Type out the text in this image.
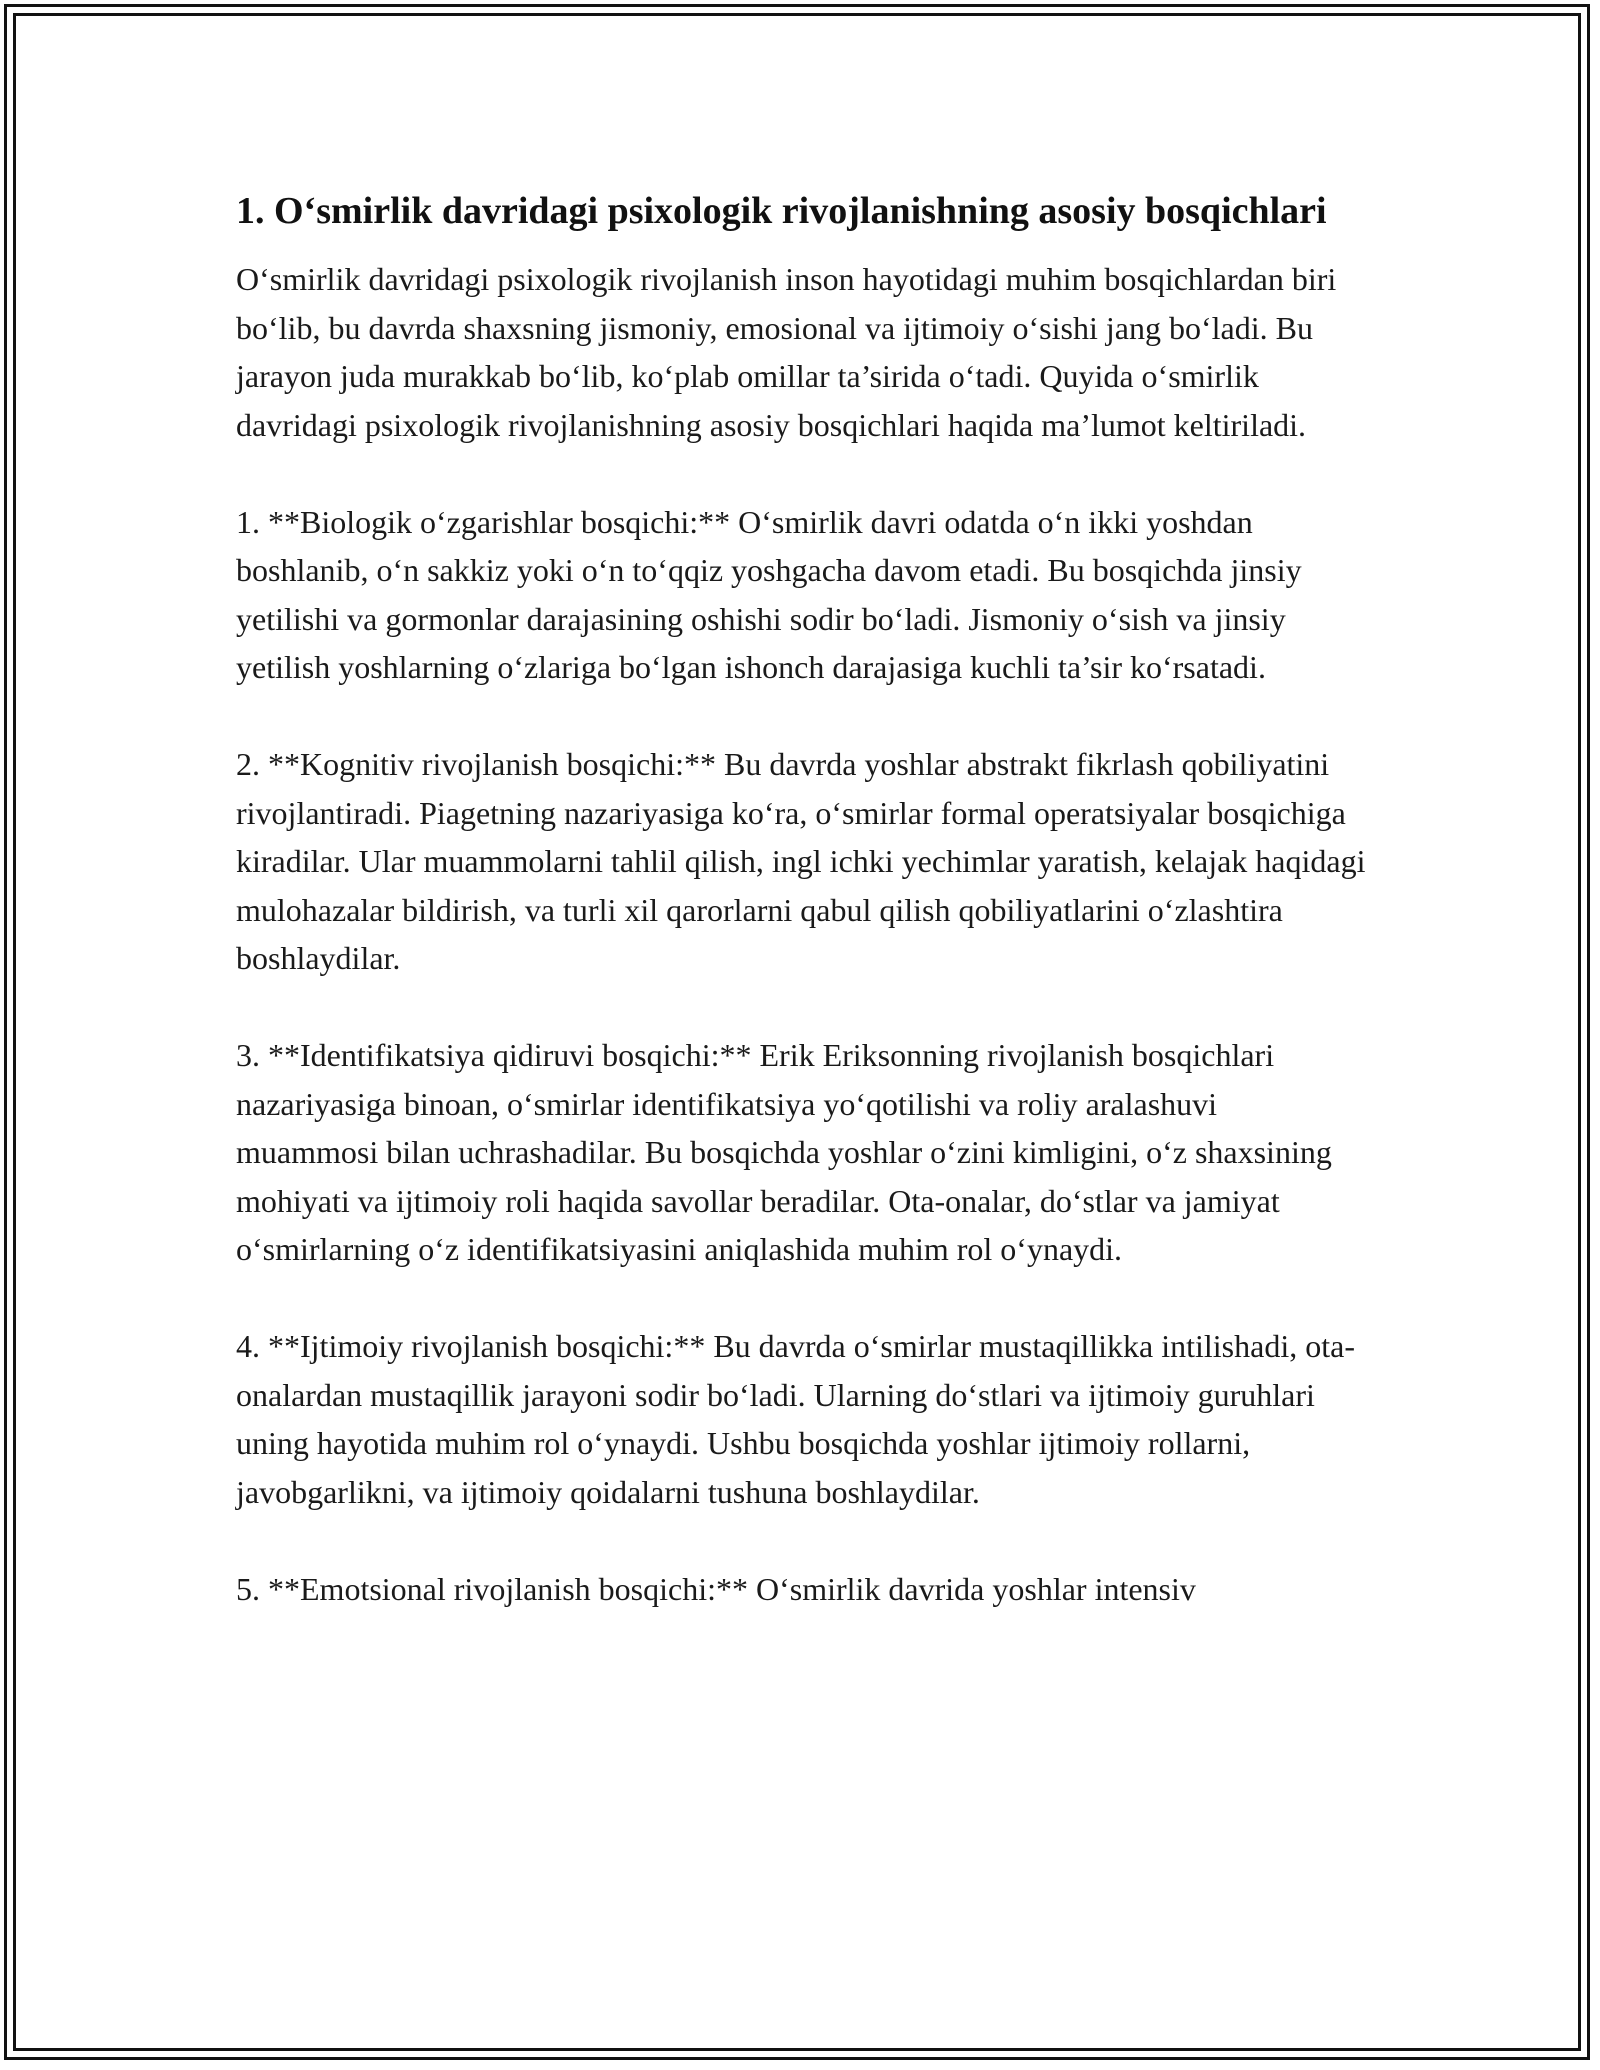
1. O‘smirlik davridagi psixologik rivojlanishning asosiy bosqichlari

O‘smirlik davridagi psixologik rivojlanish inson hayotidagi muhim bosqichlardan biri bo‘lib, bu davrda shaxsning jismoniy, emosional va ijtimoiy o‘sishi jang bo‘ladi. Bu jarayon juda murakkab bo‘lib, ko‘plab omillar ta’sirida o‘tadi. Quyida o‘smirlik davridagi psixologik rivojlanishning asosiy bosqichlari haqida ma’lumot keltiriladi.

1. **Biologik o‘zgarishlar bosqichi:** O‘smirlik davri odatda o‘n ikki yoshdan boshlanib, o‘n sakkiz yoki o‘n to‘qqiz yoshgacha davom etadi. Bu bosqichda jinsiy yetilishi va gormonlar darajasining oshishi sodir bo‘ladi. Jismoniy o‘sish va jinsiy yetilish yoshlarning o‘zlariga bo‘lgan ishonch darajasiga kuchli ta’sir ko‘rsatadi.

2. **Kognitiv rivojlanish bosqichi:** Bu davrda yoshlar abstrakt fikrlash qobiliyatini rivojlantiradi. Piagetning nazariyasiga ko‘ra, o‘smirlar formal operatsiyalar bosqichiga kiradilar. Ular muammolarni tahlil qilish, ingl ichki yechimlar yaratish, kelajak haqidagi mulohazalar bildirish, va turli xil qarorlarni qabul qilish qobiliyatlarini o‘zlashtira boshlaydilar.

3. **Identifikatsiya qidiruvi bosqichi:** Erik Eriksonning rivojlanish bosqichlari nazariyasiga binoan, o‘smirlar identifikatsiya yo‘qotilishi va roliy aralashuvi muammosi bilan uchrashadilar. Bu bosqichda yoshlar o‘zini kimligini, o‘z shaxsining mohiyati va ijtimoiy roli haqida savollar beradilar. Ota-onalar, do‘stlar va jamiyat o‘smirlarning o‘z identifikatsiyasini aniqlashida muhim rol o‘ynaydi.

4. **Ijtimoiy rivojlanish bosqichi:** Bu davrda o‘smirlar mustaqillikka intilishadi, ota-onalardan mustaqillik jarayoni sodir bo‘ladi. Ularning do‘stlari va ijtimoiy guruhlari uning hayotida muhim rol o‘ynaydi. Ushbu bosqichda yoshlar ijtimoiy rollarni, javobgarlikni, va ijtimoiy qoidalarni tushuna boshlaydilar.

5. **Emotsional rivojlanish bosqichi:** O‘smirlik davrida yoshlar intensiv
